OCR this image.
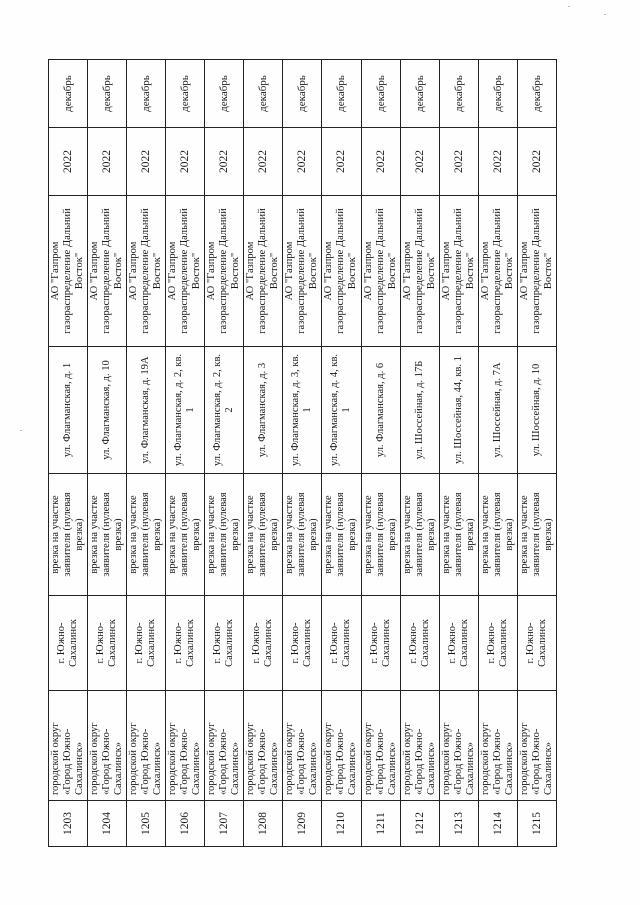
1203	городской округ «Город Южно-Сахалинск»	г. Южно-Сахалинск	врезка на участке заявителя (нулевая врезка)	ул. Флагманская, д. 1	АО "Газпром газораспределение Дальний Восток"	2022	декабрь
1204	городской округ «Город Южно-Сахалинск»	г. Южно-Сахалинск	врезка на участке заявителя (нулевая врезка)	ул. Флагманская, д. 10	АО "Газпром газораспределение Дальний Восток"	2022	декабрь
1205	городской округ «Город Южно-Сахалинск»	г. Южно-Сахалинск	врезка на участке заявителя (нулевая врезка)	ул. Флагманская, д. 19А	АО "Газпром газораспределение Дальний Восток"	2022	декабрь
1206	городской округ «Город Южно-Сахалинск»	г. Южно-Сахалинск	врезка на участке заявителя (нулевая врезка)	ул. Флагманская, д. 2, кв. 1	АО "Газпром газораспределение Дальний Восток"	2022	декабрь
1207	городской округ «Город Южно-Сахалинск»	г. Южно-Сахалинск	врезка на участке заявителя (нулевая врезка)	ул. Флагманская, д. 2, кв. 2	АО "Газпром газораспределение Дальний Восток"	2022	декабрь
1208	городской округ «Город Южно-Сахалинск»	г. Южно-Сахалинск	врезка на участке заявителя (нулевая врезка)	ул. Флагманская, д. 3	АО "Газпром газораспределение Дальний Восток"	2022	декабрь
1209	городской округ «Город Южно-Сахалинск»	г. Южно-Сахалинск	врезка на участке заявителя (нулевая врезка)	ул. Флагманская, д. 3, кв. 1	АО "Газпром газораспределение Дальний Восток"	2022	декабрь
1210	городской округ «Город Южно-Сахалинск»	г. Южно-Сахалинск	врезка на участке заявителя (нулевая врезка)	ул. Флагманская, д. 4, кв. 1	АО "Газпром газораспределение Дальний Восток"	2022	декабрь
1211	городской округ «Город Южно-Сахалинск»	г. Южно-Сахалинск	врезка на участке заявителя (нулевая врезка)	ул. Флагманская, д. 6	АО "Газпром газораспределение Дальний Восток"	2022	декабрь
1212	городской округ «Город Южно-Сахалинск»	г. Южно-Сахалинск	врезка на участке заявителя (нулевая врезка)	ул. Шоссейная, д. 17Б	АО "Газпром газораспределение Дальний Восток"	2022	декабрь
1213	городской округ «Город Южно-Сахалинск»	г. Южно-Сахалинск	врезка на участке заявителя (нулевая врезка)	ул. Шоссейная, 44, кв. 1	АО "Газпром газораспределение Дальний Восток"	2022	декабрь
1214	городской округ «Город Южно-Сахалинск»	г. Южно-Сахалинск	врезка на участке заявителя (нулевая врезка)	ул. Шоссейная, д. 7А	АО "Газпром газораспределение Дальний Восток"	2022	декабрь
1215	городской округ «Город Южно-Сахалинск»	г. Южно-Сахалинск	врезка на участке заявителя (нулевая врезка)	ул. Шоссейная, д. 10	АО "Газпром газораспределение Дальний Восток"	2022	декабрь
